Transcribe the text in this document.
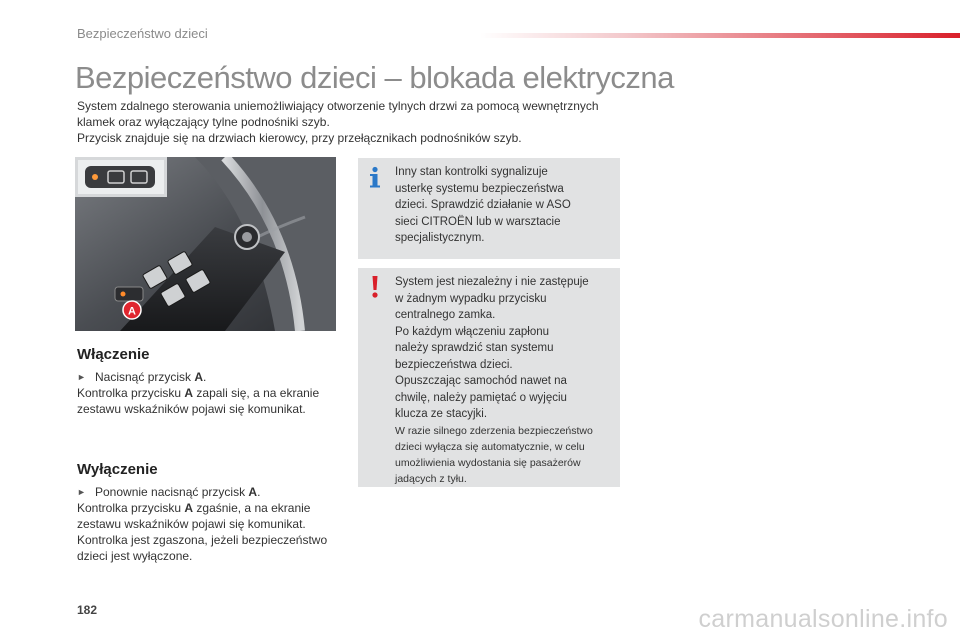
Bezpieczeństwo dzieci
Bezpieczeństwo dzieci – blokada elektryczna

System zdalnego sterowania uniemożliwiający otworzenie tylnych drzwi za pomocą wewnętrznych

klamek oraz wyłączający tylne podnośniki szyb.

Przycisk znajduje się na drzwiach kierowcy, przy przełącznikach podnośników szyb.

A
Włączenie

► Nacisnąć przycisk A.

Kontrolka przycisku A zapali się, a na ekranie

zestawu wskaźników pojawi się komunikat.

Wyłączenie

► Ponownie nacisnąć przycisk A.

Kontrolka przycisku A zgaśnie, a na ekranie

zestawu wskaźników pojawi się komunikat.

Kontrolka jest zgaszona, jeżeli bezpieczeństwo

dzieci jest wyłączone.

Inny stan kontrolki sygnalizuje

usterkę systemu bezpieczeństwa

dzieci. Sprawdzić działanie w ASO

sieci CITROËN lub w warsztacie

specjalistycznym.

System jest niezależny i nie zastępuje

w żadnym wypadku przycisku

centralnego zamka.

Po każdym włączeniu zapłonu

należy sprawdzić stan systemu

bezpieczeństwa dzieci.

Opuszczając samochód nawet na

chwilę, należy pamiętać o wyjęciu

klucza ze stacyjki.

W razie silnego zderzenia bezpieczeństwo

dzieci wyłącza się automatycznie, w celu

umożliwienia wydostania się pasażerów

jadących z tyłu.

182	carmanualsonline.info
